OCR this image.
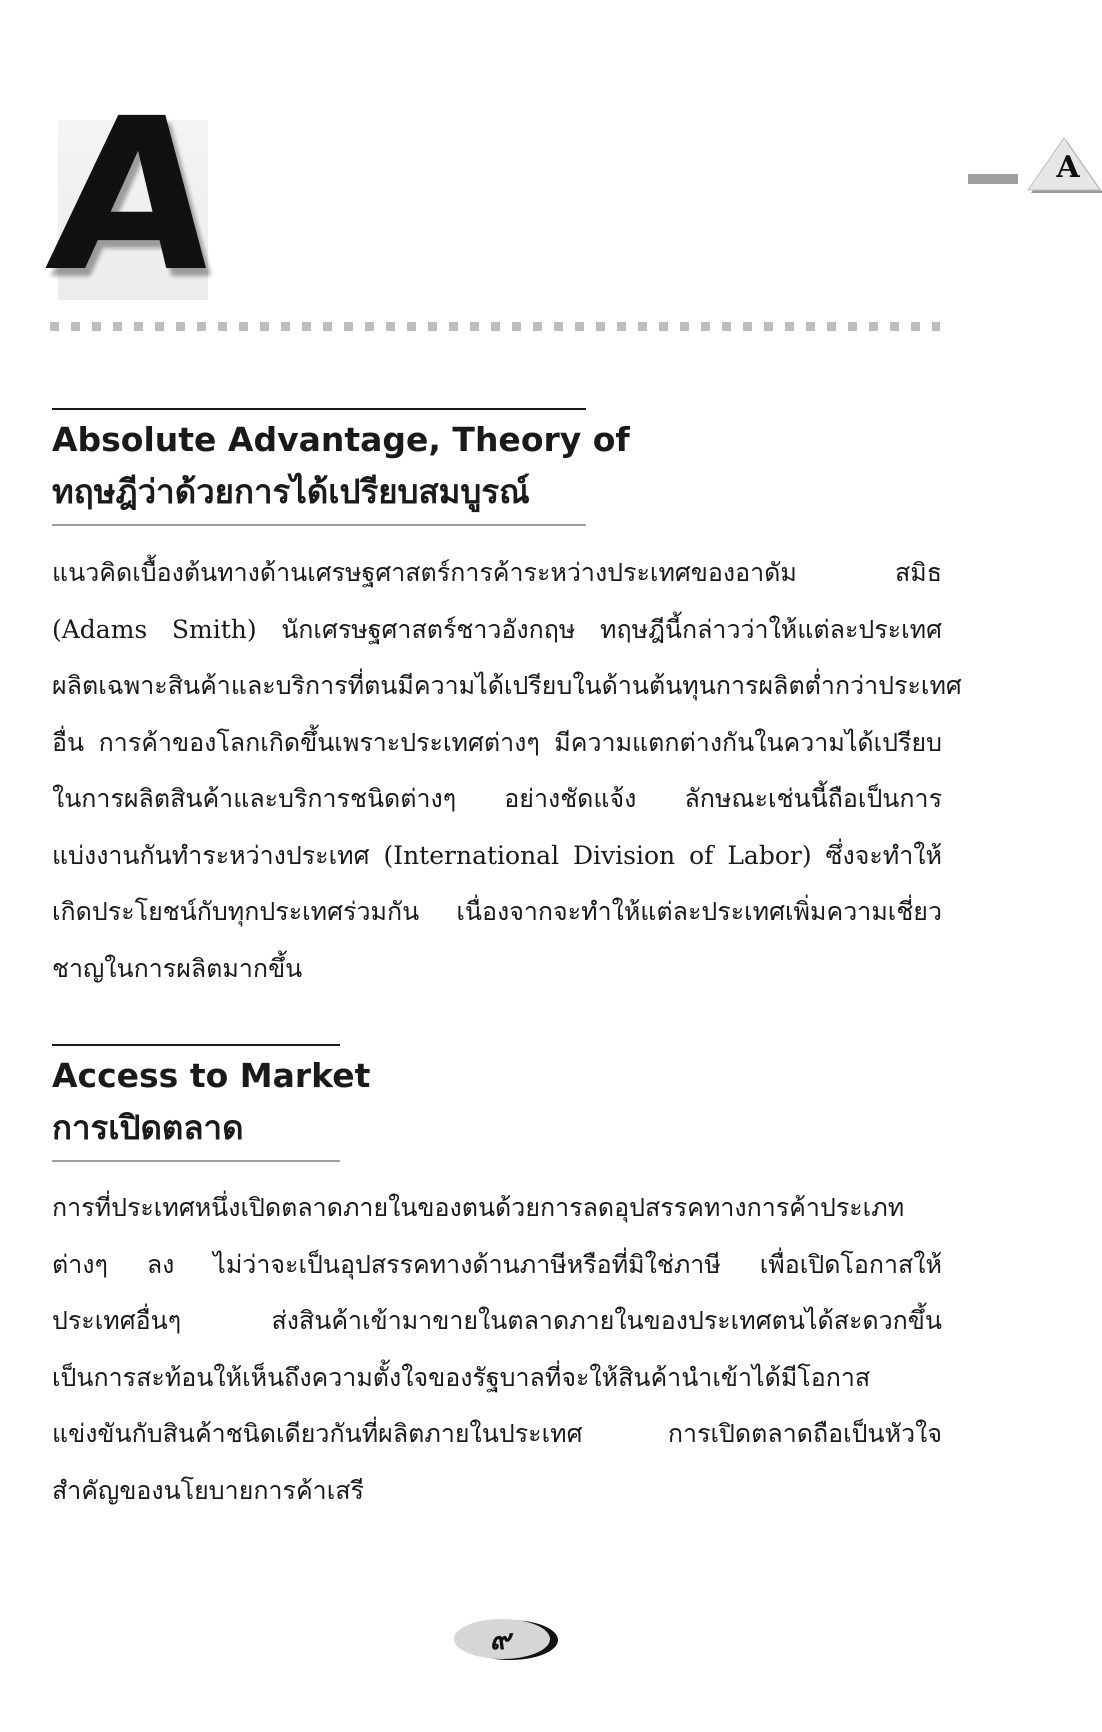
A	A
Absolute Advantage, Theory of
ทฤษฎีว่าด้วยการได้เปรียบสมบูรณ์
แนวคิดเบื้องต้นทางด้านเศรษฐศาสตร์การค้าระหว่างประเทศของอาดัม สมิธ
(Adams Smith) นักเศรษฐศาสตร์ชาวอังกฤษ ทฤษฎีนี้กล่าวว่าให้แต่ละประเทศ
ผลิตเฉพาะสินค้าและบริการที่ตนมีความได้เปรียบในด้านต้นทุนการผลิตต่ำกว่าประเทศ
อื่น การค้าของโลกเกิดขึ้นเพราะประเทศต่างๆ มีความแตกต่างกันในความได้เปรียบ
ในการผลิตสินค้าและบริการชนิดต่างๆ อย่างชัดแจ้ง ลักษณะเช่นนี้ถือเป็นการ
แบ่งงานกันทำระหว่างประเทศ (International Division of Labor) ซึ่งจะทำให้
เกิดประโยชน์กับทุกประเทศร่วมกัน เนื่องจากจะทำให้แต่ละประเทศเพิ่มความเชี่ยว
ชาญในการผลิตมากขึ้น
Access to Market
การเปิดตลาด
การที่ประเทศหนึ่งเปิดตลาดภายในของตนด้วยการลดอุปสรรคทางการค้าประเภท
ต่างๆ ลง ไม่ว่าจะเป็นอุปสรรคทางด้านภาษีหรือที่มิใช่ภาษี เพื่อเปิดโอกาสให้
ประเทศอื่นๆ ส่งสินค้าเข้ามาขายในตลาดภายในของประเทศตนได้สะดวกขึ้น
เป็นการสะท้อนให้เห็นถึงความตั้งใจของรัฐบาลที่จะให้สินค้านำเข้าได้มีโอกาส
แข่งขันกับสินค้าชนิดเดียวกันที่ผลิตภายในประเทศ การเปิดตลาดถือเป็นหัวใจ
สำคัญของนโยบายการค้าเสรี
๙
